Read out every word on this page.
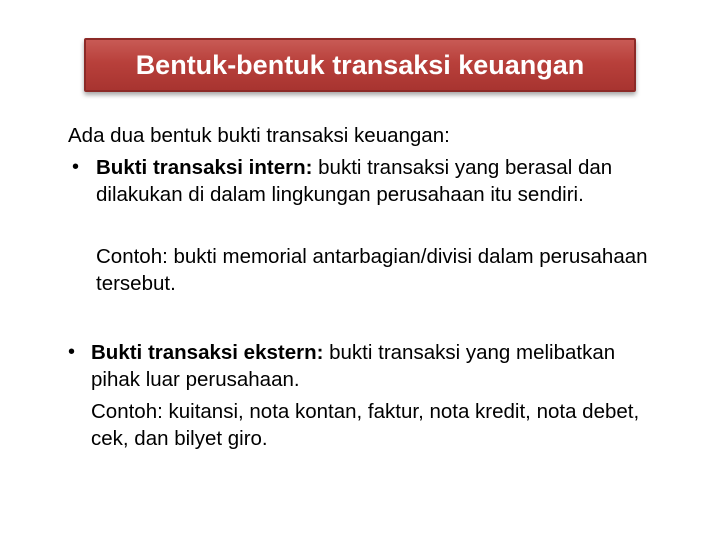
Bentuk-bentuk transaksi keuangan
Ada dua bentuk bukti transaksi keuangan:
• Bukti transaksi intern: bukti transaksi yang berasal dan dilakukan di dalam lingkungan perusahaan itu sendiri.
Contoh: bukti memorial antarbagian/divisi dalam perusahaan tersebut.
• Bukti transaksi ekstern: bukti transaksi yang melibatkan pihak luar perusahaan.
Contoh: kuitansi, nota kontan, faktur, nota kredit, nota debet, cek, dan bilyet giro.
